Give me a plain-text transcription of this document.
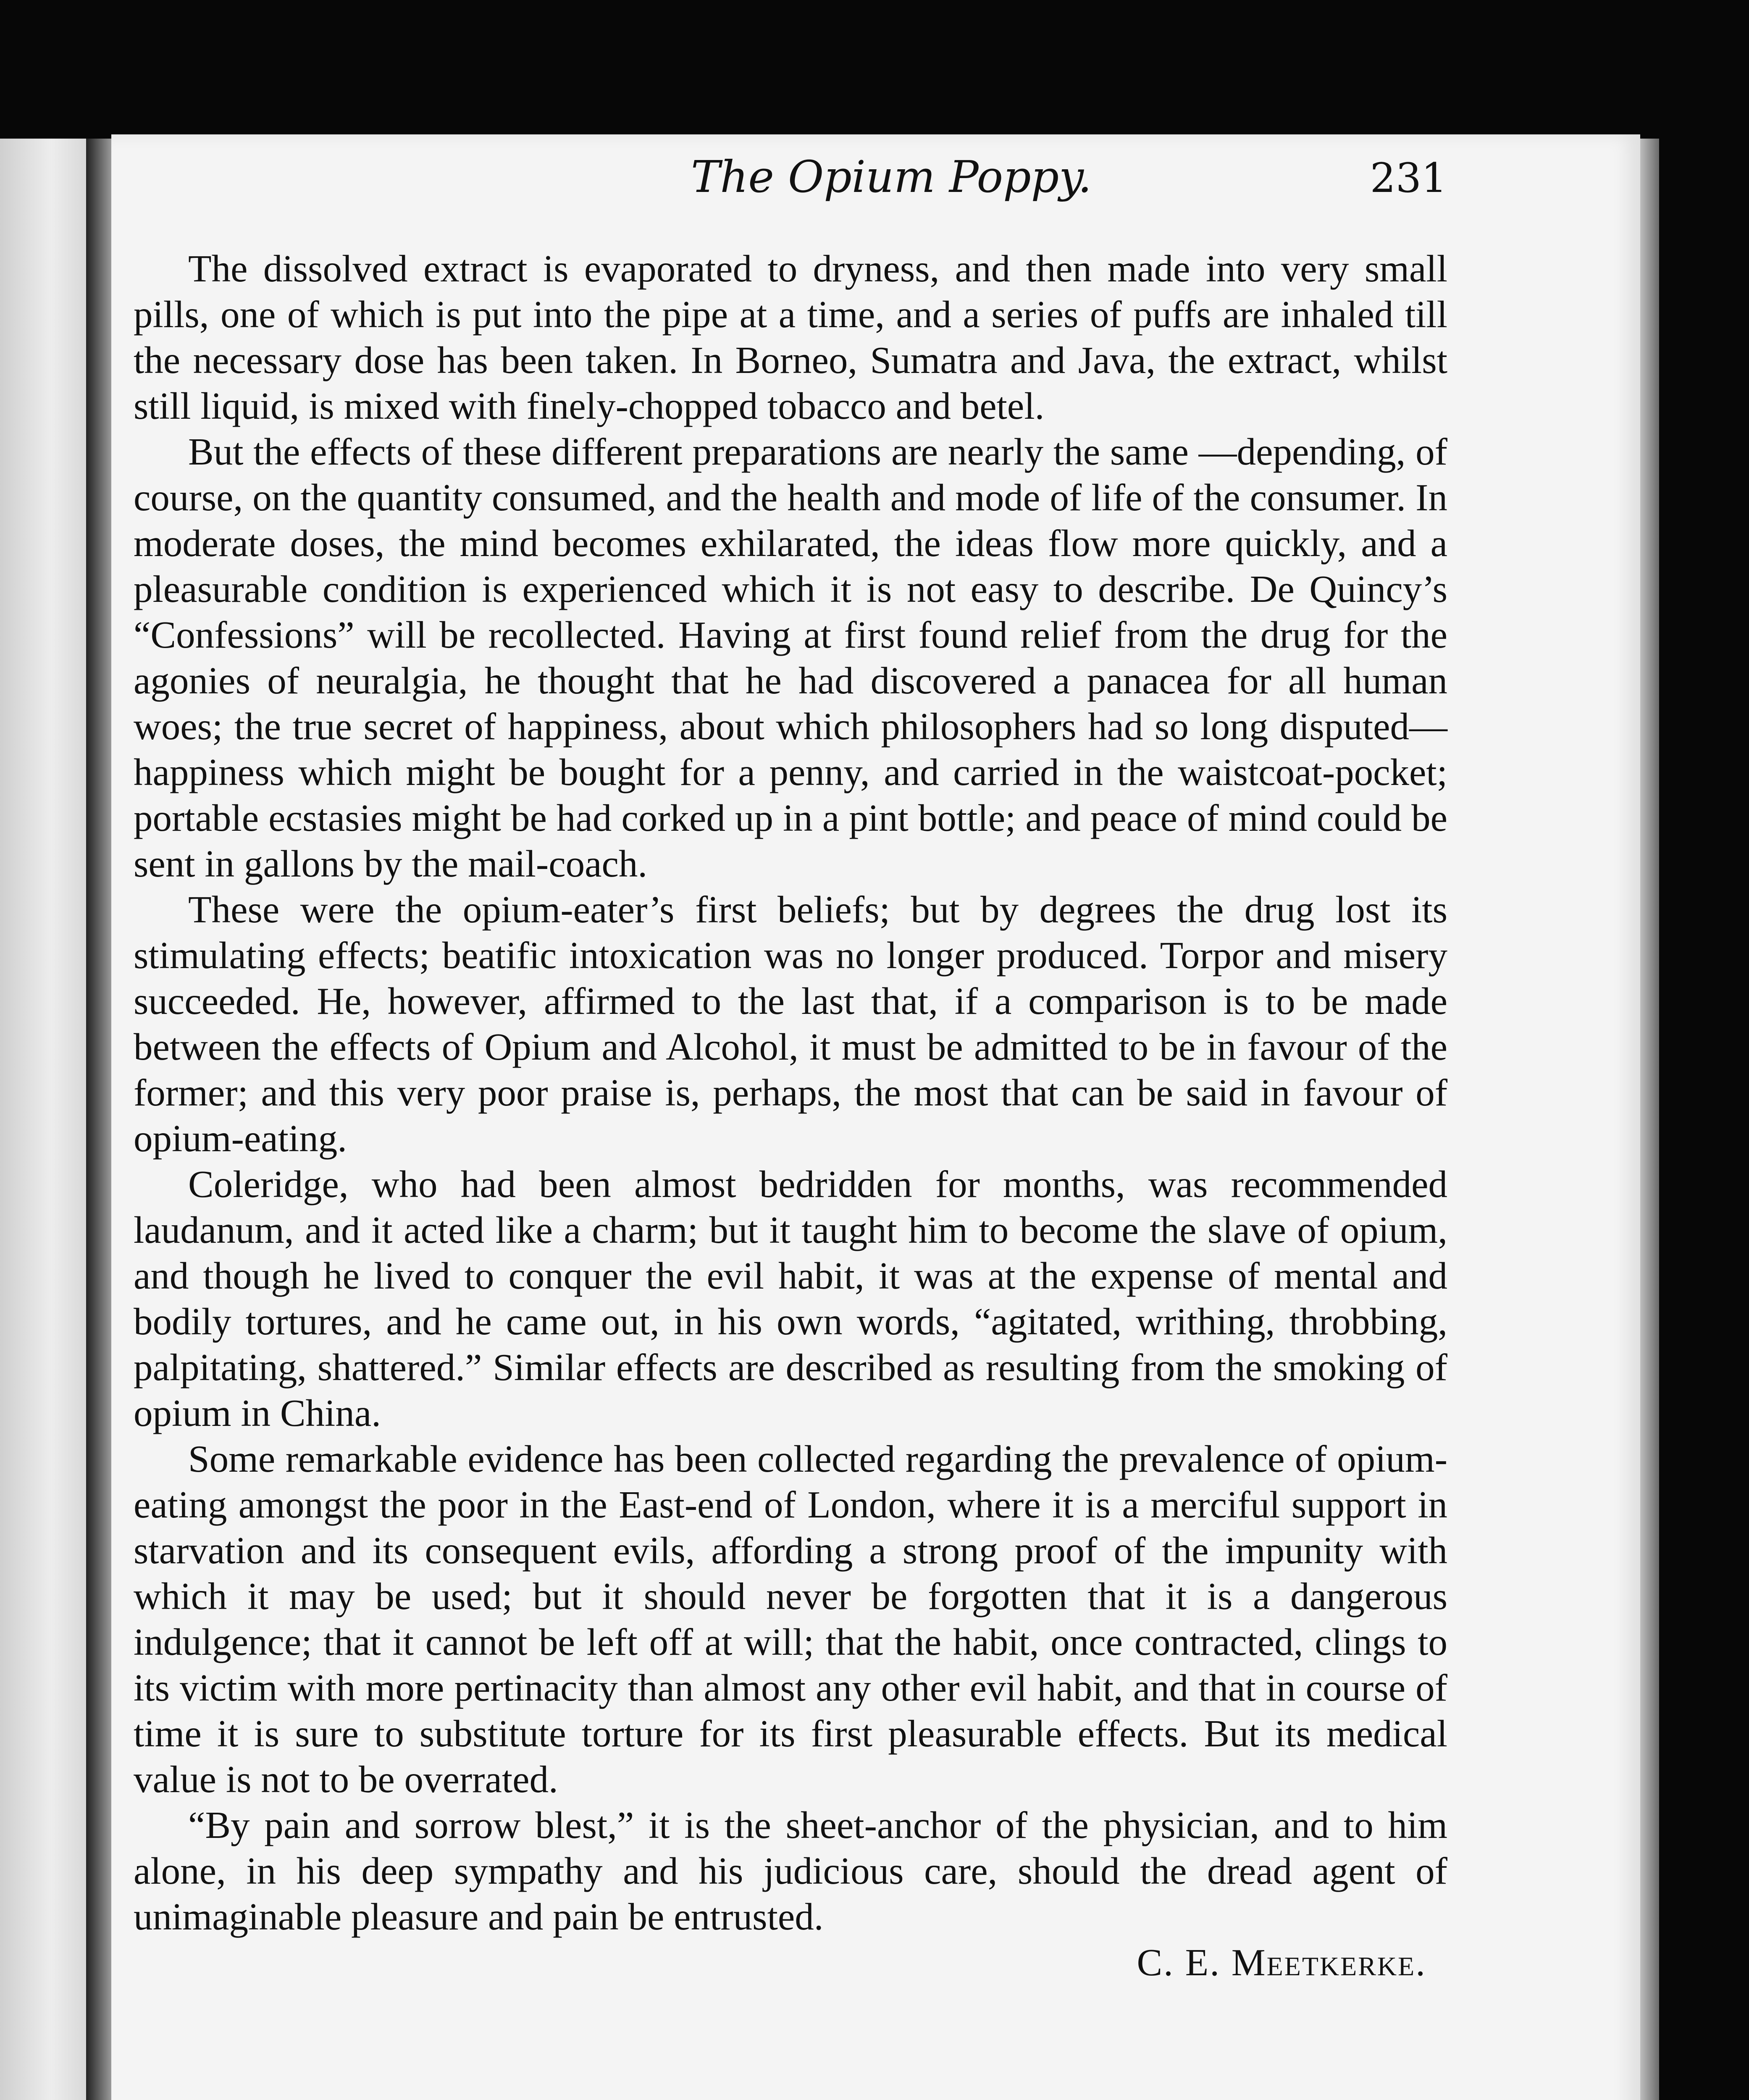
The Opium Poppy.	231

The dissolved extract is evaporated to dryness, and then made into very small pills, one of which is put into the pipe at a time, and a series of puffs are inhaled till the necessary dose has been taken. In Borneo, Sumatra and Java, the extract, whilst still liquid, is mixed with finely-chopped tobacco and betel.

But the effects of these different preparations are nearly the same —depending, of course, on the quantity consumed, and the health and mode of life of the consumer. In moderate doses, the mind becomes exhilarated, the ideas flow more quickly, and a pleasurable condition is experienced which it is not easy to describe. De Quincy’s “Confessions” will be recollected. Having at first found relief from the drug for the agonies of neuralgia, he thought that he had discovered a panacea for all human woes; the true secret of happiness, about which philosophers had so long disputed—happiness which might be bought for a penny, and carried in the waistcoat-pocket; portable ecstasies might be had corked up in a pint bottle; and peace of mind could be sent in gallons by the mail-coach.

These were the opium-eater’s first beliefs; but by degrees the drug lost its stimulating effects; beatific intoxication was no longer produced. Torpor and misery succeeded. He, however, affirmed to the last that, if a comparison is to be made between the effects of Opium and Alcohol, it must be admitted to be in favour of the former; and this very poor praise is, perhaps, the most that can be said in favour of opium-eating.

Coleridge, who had been almost bedridden for months, was recommended laudanum, and it acted like a charm; but it taught him to become the slave of opium, and though he lived to conquer the evil habit, it was at the expense of mental and bodily tortures, and he came out, in his own words, “agitated, writhing, throbbing, palpitating, shattered.” Similar effects are described as resulting from the smoking of opium in China.

Some remarkable evidence has been collected regarding the prevalence of opium-eating amongst the poor in the East-end of London, where it is a merciful support in starvation and its consequent evils, affording a strong proof of the impunity with which it may be used; but it should never be forgotten that it is a dangerous indulgence; that it cannot be left off at will; that the habit, once contracted, clings to its victim with more pertinacity than almost any other evil habit, and that in course of time it is sure to substitute torture for its first pleasurable effects. But its medical value is not to be overrated.

“By pain and sorrow blest,” it is the sheet-anchor of the physician, and to him alone, in his deep sympathy and his judicious care, should the dread agent of unimaginable pleasure and pain be entrusted.

C. E. Meetkerke.
